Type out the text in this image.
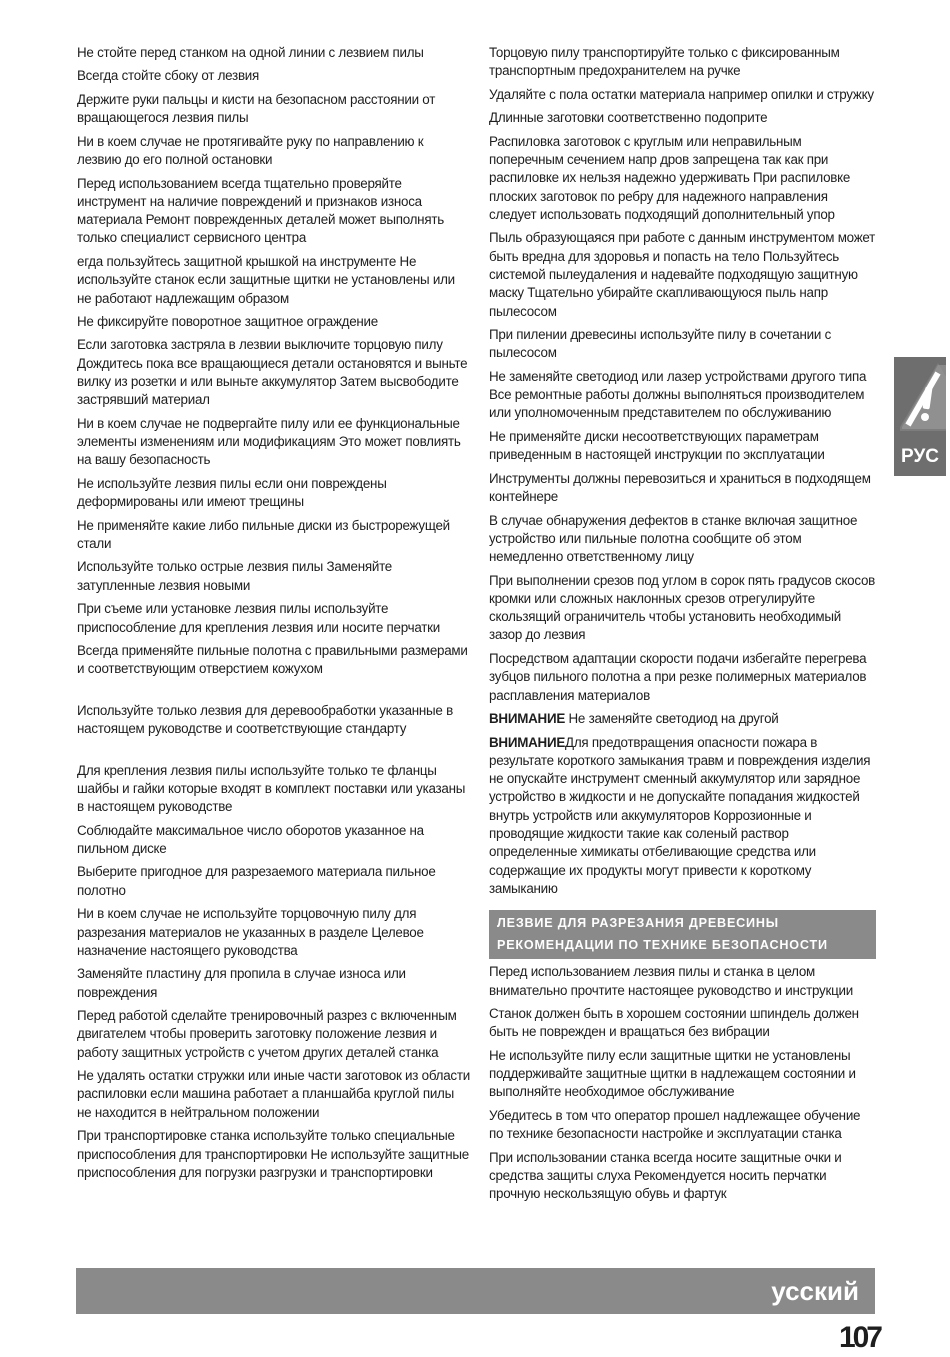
Не стойте перед станком на одной линии с лезвием пилы

Всегда стойте сбоку от лезвия

Держите руки пальцы и кисти на безопасном расстоянии от вращающегося лезвия пилы

Ни в коем случае не протягивайте руку по направлению к лезвию до его полной остановки

Перед использованием всегда тщательно проверяйте инструмент на наличие повреждений и признаков износа материала Ремонт поврежденных деталей может выполнять только специалист сервисного центра

егда пользуйтесь защитной крышкой на инструменте Не используйте станок если защитные щитки не установлены или не работают надлежащим образом

Не фиксируйте поворотное защитное ограждение

Если заготовка застряла в лезвии выключите торцовую пилу Дождитесь пока все вращающиеся детали остановятся и выньте вилку из розетки и или выньте аккумулятор Затем высвободите застрявший материал

Ни в коем случае не подвергайте пилу или ее функциональные элементы изменениям или модификациям Это может повлиять на вашу безопасность

Не используйте лезвия пилы если они повреждены деформированы или имеют трещины

Не применяйте какие либо пильные диски из быстрорежущей стали

Используйте только острые лезвия пилы Заменяйте затупленные лезвия новыми

При съеме или установке лезвия пилы используйте приспособление для крепления лезвия или носите перчатки

Всегда применяйте пильные полотна с правильными размерами и соответствующим отверстием кожухом

Используйте только лезвия для деревообработки указанные в настоящем руководстве и соответствующие стандарту

Для крепления лезвия пилы используйте только те фланцы шайбы и гайки которые входят в комплект поставки или указаны в настоящем руководстве

Соблюдайте максимальное число оборотов указанное на пильном диске

Выберите пригодное для разрезаемого материала пильное полотно

Ни в коем случае не используйте торцовочную пилу для разрезания материалов не указанных в разделе Целевое назначение настоящего руководства

Заменяйте пластину для пропила в случае износа или повреждения

Перед работой сделайте тренировочный разрез с включенным двигателем чтобы проверить заготовку положение лезвия и работу защитных устройств с учетом других деталей станка

Не удалять остатки стружки или иные части заготовок из области распиловки если машина работает а планшайба круглой пилы не находится в нейтральном положении

При транспортировке станка используйте только специальные приспособления для транспортировки Не используйте защитные приспособления для погрузки разгрузки и транспортировки

Торцовую пилу транспортируйте только с фиксированным транспортным предохранителем на ручке

Удаляйте с пола остатки материала например опилки и стружку

Длинные заготовки соответственно подоприте

Распиловка заготовок с круглым или неправильным поперечным сечением напр дров запрещена так как при распиловке их нельзя надежно удерживать При распиловке плоских заготовок по ребру для надежного направления следует использовать подходящий дополнительный упор

Пыль образующаяся при работе с данным инструментом может быть вредна для здоровья и попасть на тело Пользуйтесь системой пылеудаления и надевайте подходящую защитную маску Тщательно убирайте скапливающуюся пыль напр пылесосом

При пилении древесины используйте пилу в сочетании с пылесосом

Не заменяйте светодиод или лазер устройствами другого типа Все ремонтные работы должны выполняться производителем или уполномоченным представителем по обслуживанию

Не применяйте диски несоответствующих параметрам приведенным в настоящей инструкции по эксплуатации

Инструменты должны перевозиться и храниться в подходящем контейнере

В случае обнаружения дефектов в станке включая защитное устройство или пильные полотна сообщите об этом немедленно ответственному лицу

При выполнении срезов под углом в сорок пять градусов скосов кромки или сложных наклонных срезов отрегулируйте скользящий ограничитель чтобы установить необходимый зазор до лезвия

Посредством адаптации скорости подачи избегайте перегрева зубцов пильного полотна а при резке полимерных материалов расплавления материалов

ВНИМАНИЕ Не заменяйте светодиод на другой

ВНИМАНИЕДля предотвращения опасности пожара в результате короткого замыкания травм и повреждения изделия не опускайте инструмент сменный аккумулятор или зарядное устройство в жидкости и не допускайте попадания жидкостей внутрь устройств или аккумуляторов Коррозионные и проводящие жидкости такие как соленый раствор определенные химикаты отбеливающие средства или содержащие их продукты могут привести к короткому замыканию

ЛЕЗВИЕ ДЛЯ РАЗРЕЗАНИЯ ДРЕВЕСИНЫ
РЕКОМЕНДАЦИИ ПО ТЕХНИКЕ БЕЗОПАСНОСТИ

Перед использованием лезвия пилы и станка в целом внимательно прочтите настоящее руководство и инструкции

Станок должен быть в хорошем состоянии шпиндель должен быть не поврежден и вращаться без вибрации

Не используйте пилу если защитные щитки не установлены поддерживайте защитные щитки в надлежащем состоянии и выполняйте необходимое обслуживание

Убедитесь в том что оператор прошел надлежащее обучение по технике безопасности настройке и эксплуатации станка

При использовании станка всегда носите защитные очки и средства защиты слуха Рекомендуется носить перчатки прочную нескользящую обувь и фартук

РУС
усский
107
